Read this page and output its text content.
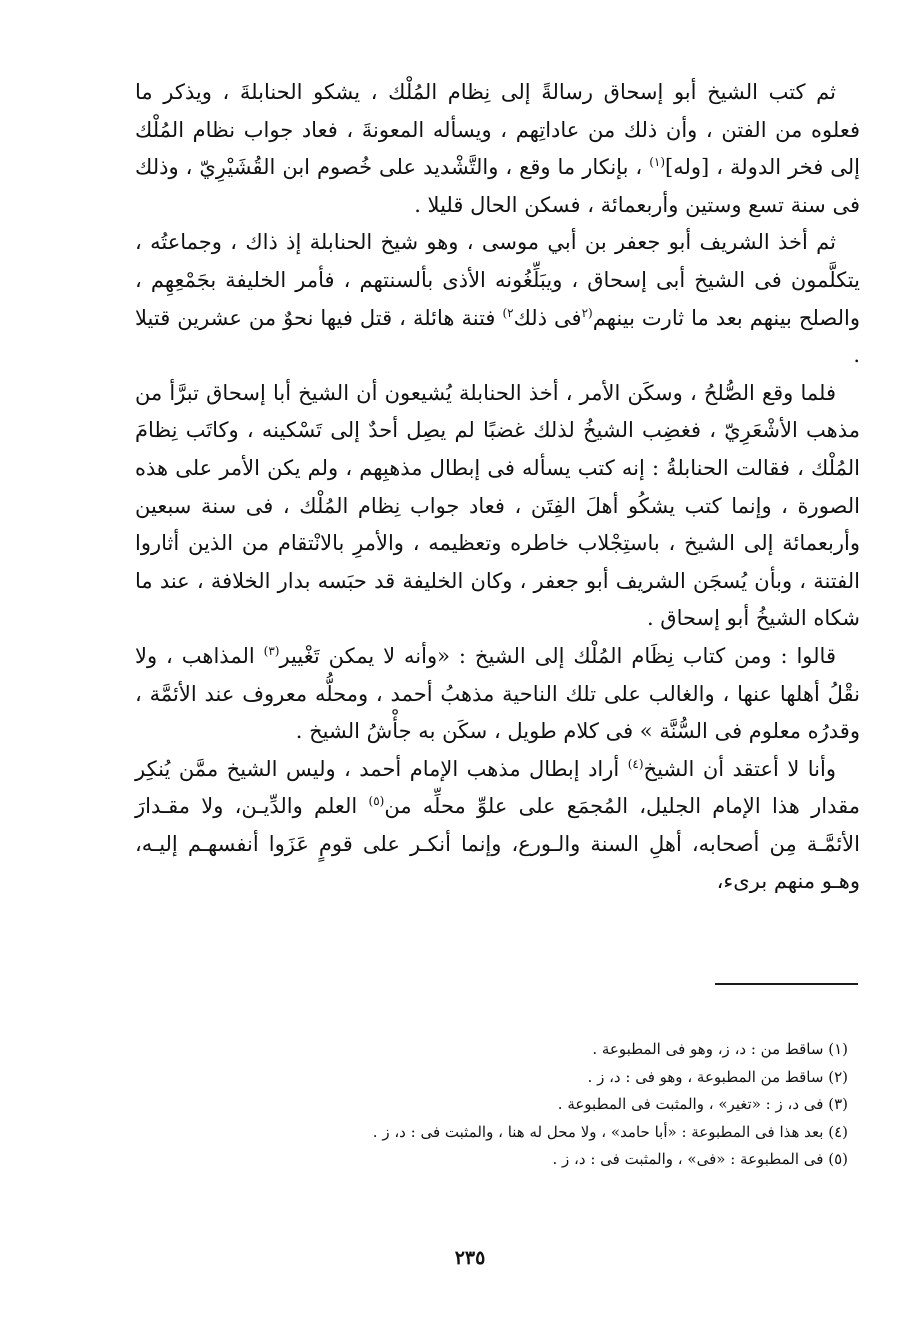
ثم كتب الشيخ أبو إسحاق رسالةً إلى نِظام المُلْك ، يشكو الحنابلةَ ، ويذكر ما فعلوه من الفتن ، وأن ذلك من عاداتِهم ، ويسأله المعونةَ ، فعاد جواب نظام المُلْك إلى فخر الدولة ، [وله]$^{(١)}$ ، بإنكار ما وقع ، والتَّشْديد على خُصوم ابن القُشَيْرِيّ ، وذلك فى سنة تسع وستين وأربعمائة ، فسكن الحال قليلا .

ثم أخذ الشريف أبو جعفر بن أبي موسى ، وهو شيخ الحنابلة إذ ذاك ، وجماعتُه ، يتكلَّمون فى الشيخ أبى إسحاق ، ويبَلِّغُونه الأذى بألسنتهم ، فأمر الخليفة بجَمْعِهِم ، والصلح بينهم بعد ما ثارت بينهم$^{(٢}$فى ذلك$^{٢)}$ فتنة هائلة ، قتل فيها نحوٌ من عشرين قتيلا .

فلما وقع الصُّلحُ ، وسكَن الأمر ، أخذ الحنابلة يُشيعون أن الشيخ أبا إسحاق تبرَّأ من مذهب الأشْعَرِيّ ، فغضِب الشيخُ لذلك غضبًا لم يصِل أحدٌ إلى تَسْكينه ، وكاتَب نِظامَ المُلْك ، فقالت الحنابلةُ : إنه كتب يسأله فى إبطال مذهبِهم ، ولم يكن الأمر على هذه الصورة ، وإنما كتب يشكُو أهلَ الفِتَن ، فعاد جواب نِظام المُلْك ، فى سنة سبعين وأربعمائة إلى الشيخ ، باستِجْلاب خاطره وتعظيمه ، والأمرِ بالانْتقام من الذين أثاروا الفتنة ، وبأن يُسجَن الشريف أبو جعفر ، وكان الخليفة قد حبَسه بدار الخلافة ، عند ما شكاه الشيخُ أبو إسحاق .

قالوا : ومن كتاب نِظَام المُلْك إلى الشيخ : «وأنه لا يمكن تَغْيير$^{(٣)}$ المذاهب ، ولا نقْلُ أهلها عنها ، والغالب على تلك الناحية مذهبُ أحمد ، ومحلُّه معروف عند الأئمَّة ، وقدرُه معلوم فى السُّنَّة » فى كلام طويل ، سكَن به جأْشُ الشيخ .

وأنا لا أعتقد أن الشيخ$^{(٤)}$ أراد إبطال مذهب الإمام أحمد ، وليس الشيخ ممَّن يُنكِر مقدار هذا الإمام الجليل، المُجمَع على علوِّ محلِّه من$^{(٥)}$ العلم والدِّيـن، ولا مقـدارَ الأئمَّـة مِن أصحابه، أهلِ السنة والـورع، وإنما أنكـر على قومٍ عَزَوا أنفسهـم إليـه، وهـو منهم برىء،

(١) ساقط من : د، ز، وهو فى المطبوعة .
(٢) ساقط من المطبوعة ، وهو فى : د، ز .
(٣) فى د، ز : «تغير» ، والمثبت فى المطبوعة .
(٤) بعد هذا فى المطبوعة : «أبا حامد» ، ولا محل له هنا ، والمثبت فى : د، ز .
(٥) فى المطبوعة : «فى» ، والمثبت فى : د، ز .
٢٣٥
